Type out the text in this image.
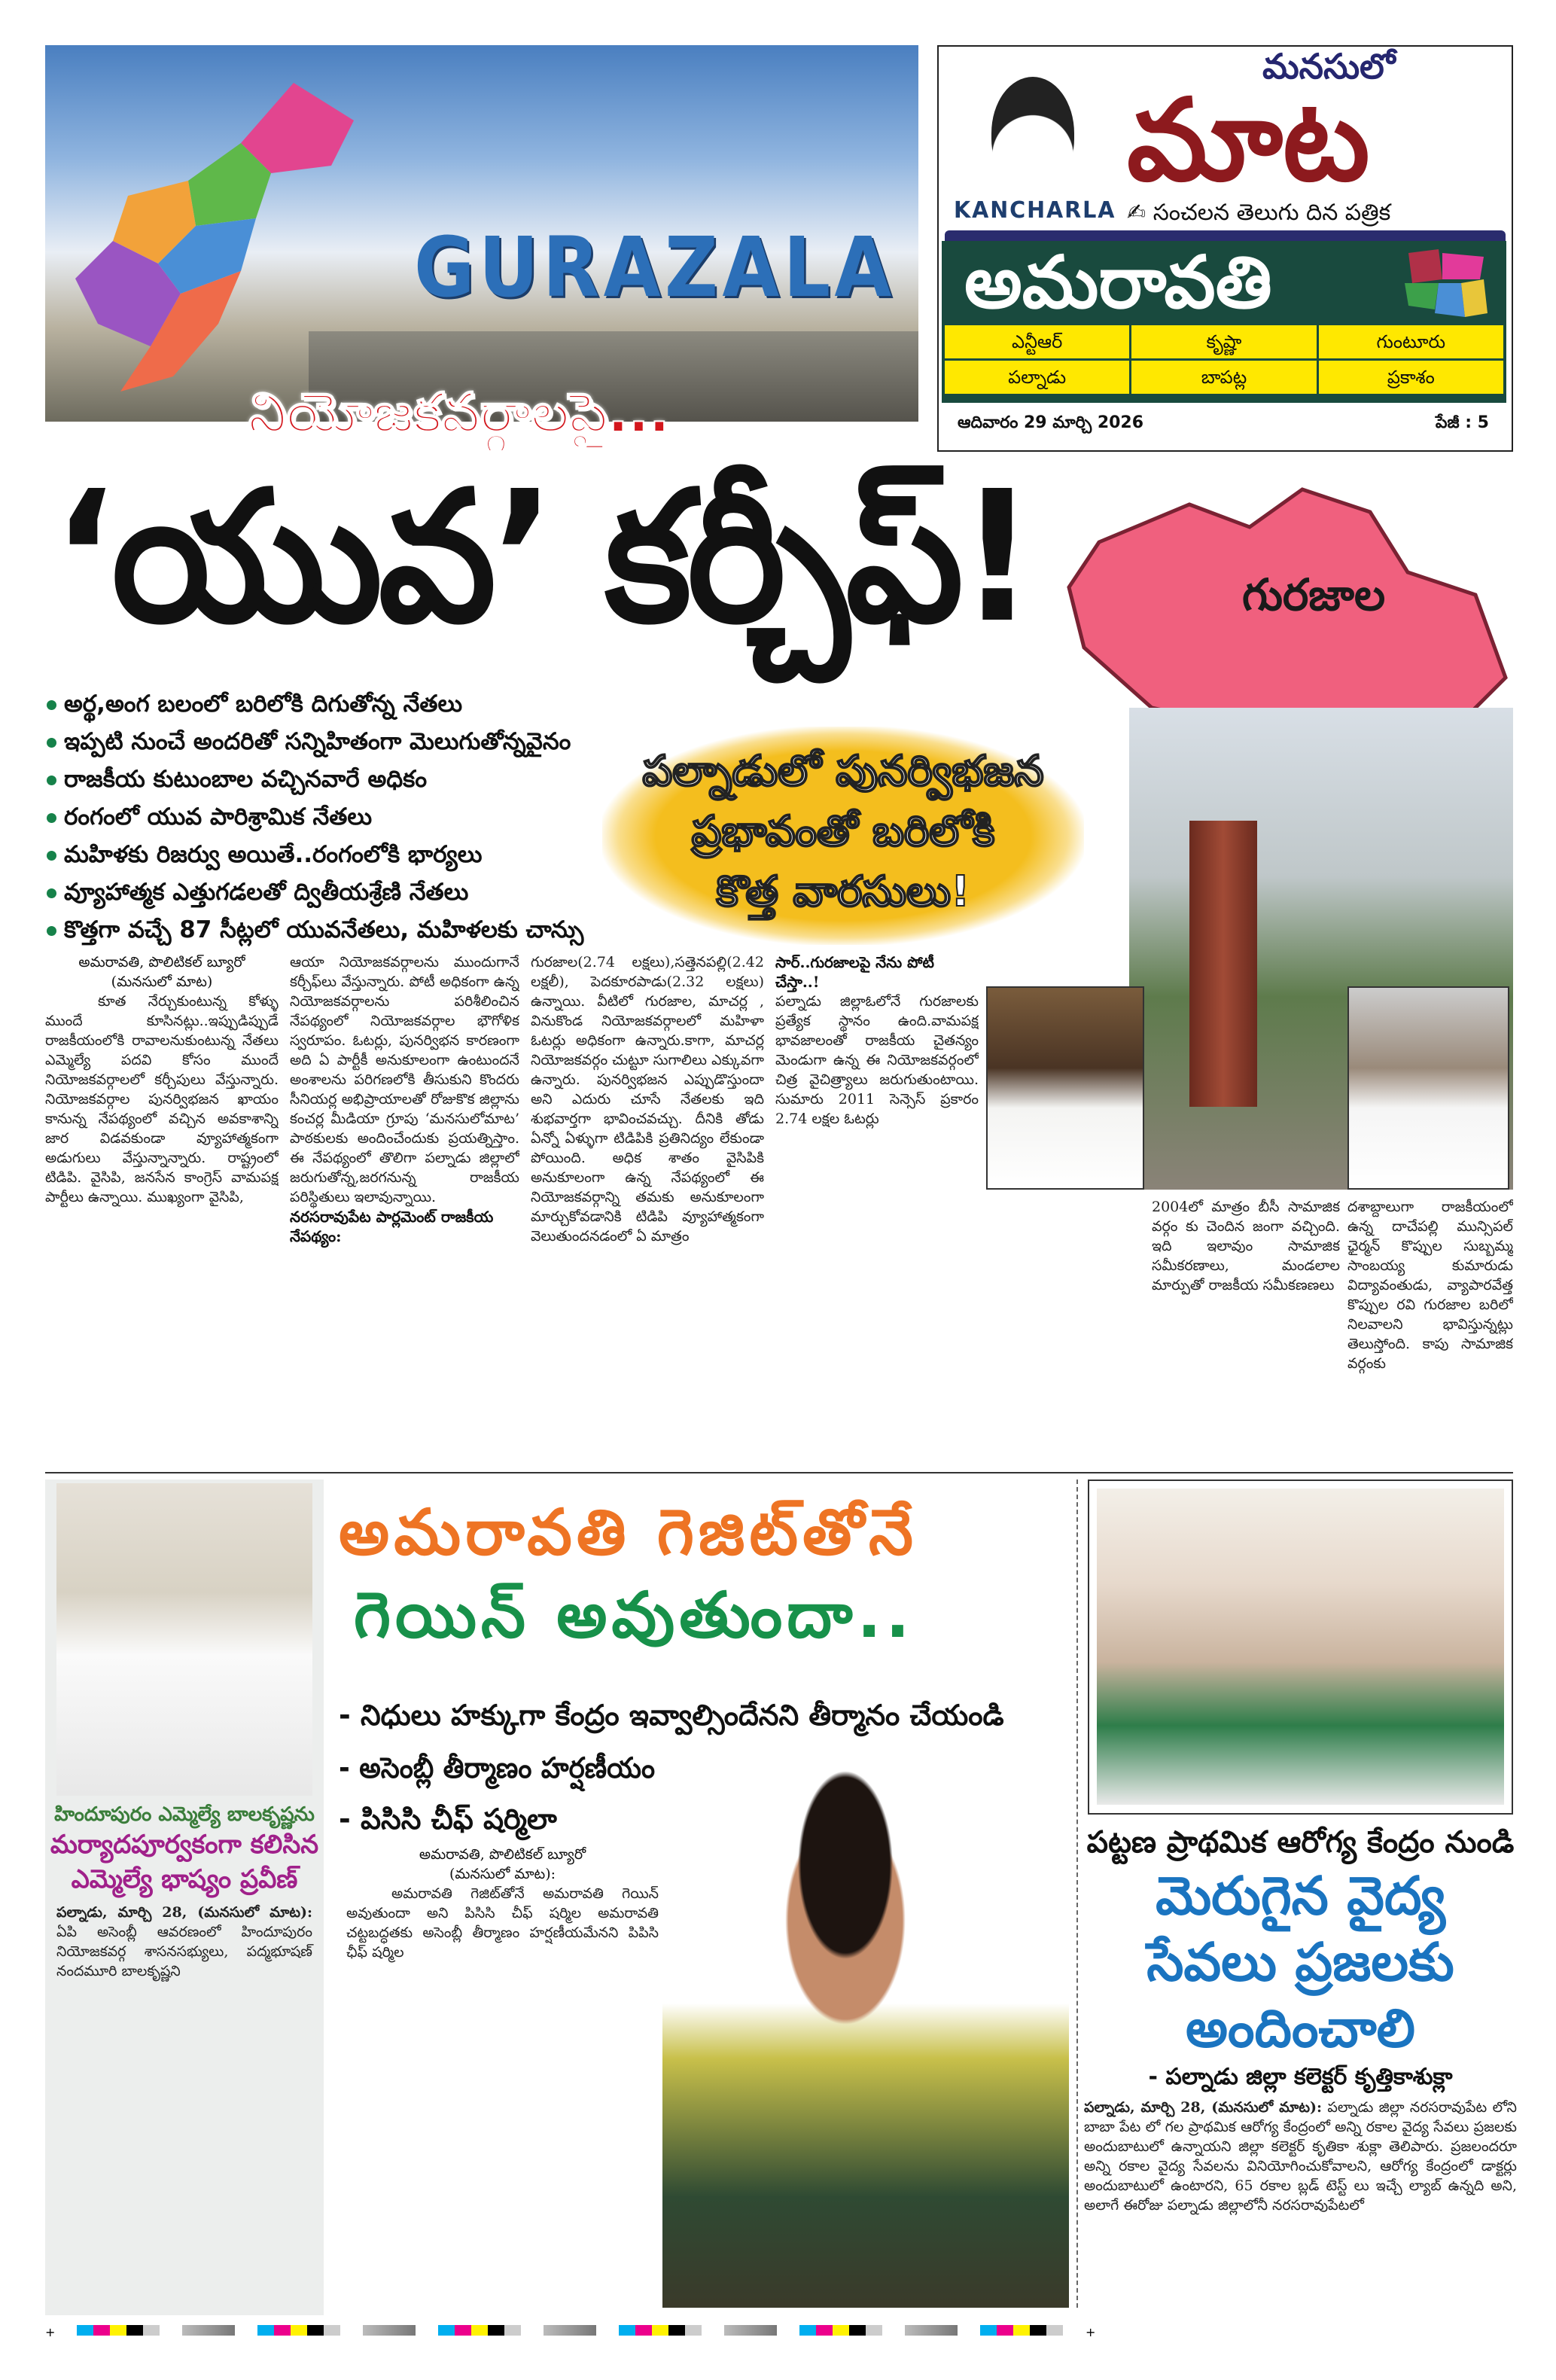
GURAZALA
నియోజకవర్గాలపై...
KANCHARLA
మనసులో
మాట
✍ సంచలన తెలుగు దిన పత్రిక
అమరావతి
ఎన్టీఆర్	కృష్ణా	గుంటూరు
పల్నాడు	బాపట్ల	ప్రకాశం
ఆదివారం 29 మార్చి 2026	పేజీ : 5
‘యువ’ కర్చీఫ్!	గురజాల
అర్థ,అంగ బలంలో బరిలోకి దిగుతోన్న నేతలు
ఇప్పటి నుంచే అందరితో సన్నిహితంగా మెలుగుతోన్నవైనం
రాజకీయ కుటుంబాల వచ్చినవారే అధికం
రంగంలో యువ పారిశ్రామిక నేతలు
మహిళకు రిజర్వు అయితే..రంగంలోకి భార్యలు
వ్యూహాత్మక ఎత్తుగడలతో ద్వితీయశ్రేణి నేతలు
కొత్తగా వచ్చే 87 సీట్లలో యువనేతలు, మహిళలకు చాన్సు
పల్నాడులో పునర్విభజన
ప్రభావంతో బరిలోకి
కొత్త వారసులు!
అమరావతి, పొలిటికల్ బ్యూరో
(మనసులో మాట)

కూత నేర్చుకుంటున్న కోళ్ళు ముందే కూసినట్లు..ఇప్పుడిప్పుడే రాజకీయంలోకి రావాలనుకుంటున్న నేతలు ఎమ్మెల్యే పదవి కోసం ముందే నియోజకవర్గాలలో కర్చీపులు వేస్తున్నారు. నియోజకవర్గాల పునర్విభజన ఖాయం కానున్న నేపథ్యంలో వచ్చిన అవకాశాన్ని జార విడవకుండా వ్యూహాత్మకంగా అడుగులు వేస్తున్నాన్నారు. రాష్ట్రంలో టిడిపి. వైసిపి, జనసేన కాంగ్రెస్ వామపక్ష పార్టీలు ఉన్నాయి. ముఖ్యంగా వైసిపి,

ఆయా నియోజకవర్గాలను ముందుగానే కర్చీఫ్‌లు వేస్తున్నారు. పోటీ అధికంగా ఉన్న నియోజకవర్గాలను పరిశీలించిన నేపథ్యంలో నియోజకవర్గాల భౌగోళిక స్వరూపం. ఓటర్లు, పునర్విభన కారణంగా అది ఏ పార్టీకీ అనుకూలంగా ఉంటుందనే అంశాలను పరిగణలోకి తీసుకుని కొందరు సీనియర్ల అభిప్రాయాలతో రోజుకొక జిల్లాను కంచర్ల మీడియా గ్రూపు ‘మనసులోమాట’ పాఠకులకు అందించేందుకు ప్రయత్నిస్తాం. ఈ నేపథ్యంలో తొలిగా పల్నాడు జిల్లాలో జరుగుతోన్న,జరగనున్న రాజకీయ పరిస్థితులు ఇలావున్నాయి.

నరసరావుపేట పార్లమెంట్ రాజకీయ నేపథ్యం:

గురజాల(2.74 లక్షలు),సత్తెనపల్లి(2.42 లక్షలీ), పెదకూరపాడు(2.32 లక్షలు) ఉన్నాయి. వీటిలో గురజాల, మాచర్ల , వినుకొండ నియోజకవర్గాలలో మహిళా ఓటర్లు అధికంగా ఉన్నారు.కాగా, మాచర్ల నియోజకవర్గం చుట్టూ సుగాలిలు ఎక్కువగా ఉన్నారు. పునర్విభజన ఎప్పుడొస్తుందా అని ఎదురు చూసే నేతలకు ఇది శుభవార్తగా భావించవచ్చు. దీనికి తోడు ఏన్నో ఏళ్ళుగా టిడిపికి ప్రతినిద్యం లేకుండా పోయింది. అధిక శాతం వైసిపికి అనుకూలంగా ఉన్న నేపథ్యంలో ఈ నియోజకవర్గాన్ని తమకు అనుకూలంగా మార్చుకోవడానికి టిడిపి వ్యూహాత్మకంగా వెలుతుందనడంలో ఏ మాత్రం

సార్..గురజాలపై నేను పోటీ చేస్తా..!

పల్నాడు జిల్లాఓలోనే గురజాలకు ప్రత్యేక స్థానం ఉంది.వామపక్ష భావజాలంతో రాజకీయ చైతన్యం మెండుగా ఉన్న ఈ నియోజకవర్గంలో చిత్ర వైచిత్ర్యాలు జరుగుతుంటాయి. సుమారు 2011 సెన్సెస్ ప్రకారం 2.74 లక్షల ఓటర్లు

2004లో మాత్రం బీసీ సామాజిక వర్గం కు చెందిన జంగా వచ్చింది. ఇది ఇలావుం సామాజిక సమీకరణాలు, మండలాల మార్పుతో రాజకీయ సమీకణణలు

దశాబ్దాలుగా రాజకీయంలో ఉన్న దాచేపల్లి మున్సిపల్ ఛైర్మన్ కొప్పుల సుబ్బమ్మ సాంబయ్య కుమారుడు విద్యావంతుడు, వ్యాపారవేత్త కొప్పుల రవి గురజాల బరిలో నిలవాలని భావిస్తున్నట్లు తెలుస్తోంది. కాపు సామాజిక వర్గంకు

హిందూపురం ఎమ్మెల్యే బాలకృష్ణను
మర్యాదపూర్వకంగా కలిసిన ఎమ్మెల్యే భాష్యం ప్రవీణ్

పల్నాడు, మార్చి 28, (మనసులో మాట): ఏపి అసెంబ్లీ ఆవరణంలో హిందూపురం నియోజకవర్గ శాసనసభ్యులు, పద్మభూషణ్ నందమూరి బాలకృష్ణని

అమరావతి గెజిట్‌తోనే
గెయిన్ అవుతుందా..
- నిధులు హక్కుగా కేంద్రం ఇవ్వాల్సిందేనని తీర్మానం చేయండి
- అసెంబ్లీ తీర్మాణం హర్షణీయం
- పిసిసి చీఫ్ షర్మిలా
అమరావతి, పొలిటికల్ బ్యూరో
(మనసులో మాట):

అమరావతి గెజిట్‌తోనే అమరావతి గెయిన్ అవుతుందా అని పిసిసి చీఫ్ షర్మిల అమరావతి చట్టబద్ధతకు అసెంబ్లీ తీర్మాణం హర్షణీయమేనని పిపిసి ఛీఫ్ షర్మిల

పట్టణ ప్రాథమిక ఆరోగ్య కేంద్రం నుండి
మెరుగైన వైద్య సేవలు ప్రజలకు అందించాలి
- పల్నాడు జిల్లా కలెక్టర్ కృత్తికాశుక్లా

పల్నాడు, మార్చి 28, (మనసులో మాట): పల్నాడు జిల్లా నరసరావుపేట లోని బాబా పేట లో గల ప్రాథమిక ఆరోగ్య కేంద్రంలో అన్ని రకాల వైద్య సేవలు ప్రజలకు అందుబాటులో ఉన్నాయని జిల్లా కలెక్టర్ కృతికా శుక్లా తెలిపారు. ప్రజలందరూ అన్ని రకాల వైద్య సేవలను వినియోగించుకోవాలని, ఆరోగ్య కేంద్రంలో డాక్టర్లు అందుబాటులో ఉంటారని, 65 రకాల బ్లడ్ టెస్ట్ లు ఇచ్చే ల్యాబ్ ఉన్నది అని, అలాగే ఈరోజు పల్నాడు జిల్లాలోనీ నరసరావుపేటలో

+	+
